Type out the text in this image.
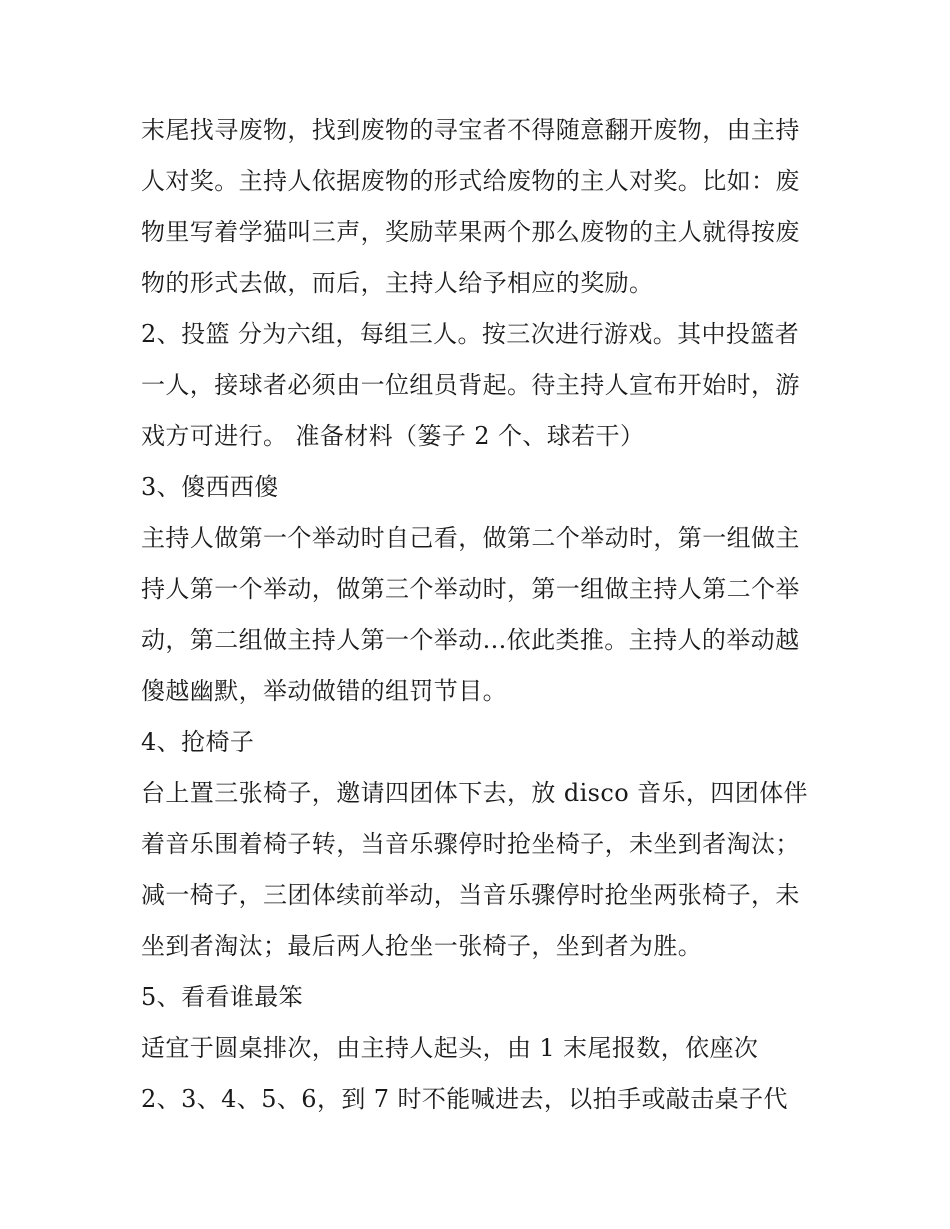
末尾找寻废物，找到废物的寻宝者不得随意翻开废物，由主持
人对奖。主持人依据废物的形式给废物的主人对奖。比如：废
物里写着学猫叫三声，奖励苹果两个那么废物的主人就得按废
物的形式去做，而后，主持人给予相应的奖励。
2、投篮 分为六组，每组三人。按三次进行游戏。其中投篮者
一人，接球者必须由一位组员背起。待主持人宣布开始时，游
戏方可进行。 准备材料（篓子 2 个、球若干）
3、傻西西傻
主持人做第一个举动时自己看，做第二个举动时，第一组做主
持人第一个举动，做第三个举动时，第一组做主持人第二个举
动，第二组做主持人第一个举动...依此类推。主持人的举动越
傻越幽默，举动做错的组罚节目。
4、抢椅子
台上置三张椅子，邀请四团体下去，放 disco 音乐，四团体伴
着音乐围着椅子转，当音乐骤停时抢坐椅子，未坐到者淘汰；
减一椅子，三团体续前举动，当音乐骤停时抢坐两张椅子，未
坐到者淘汰；最后两人抢坐一张椅子，坐到者为胜。
5、看看谁最笨
适宜于圆桌排次，由主持人起头，由 1 末尾报数，依座次
2、3、4、5、6，到 7 时不能喊进去，以拍手或敲击桌子代
